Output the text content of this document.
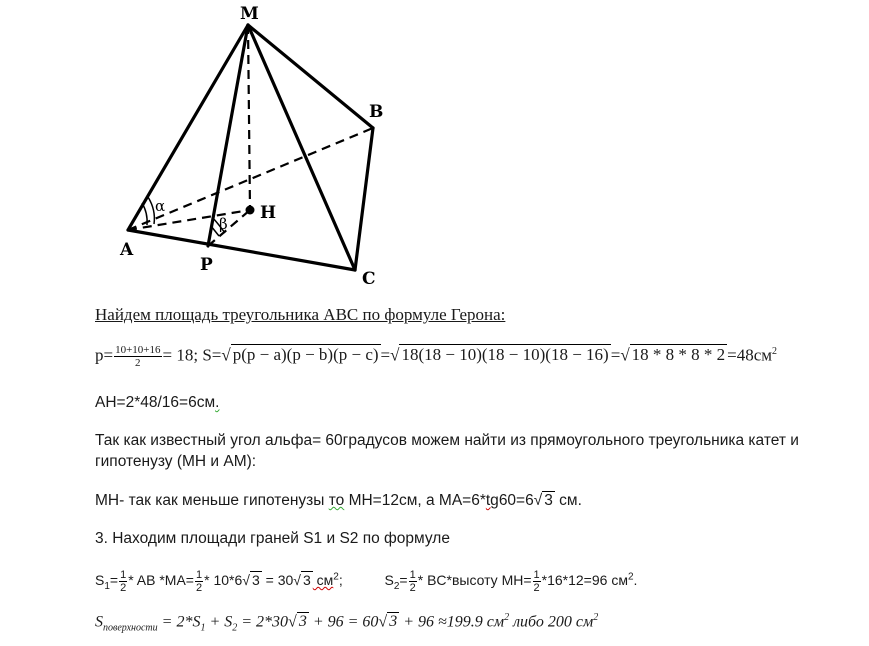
M
B
H
A
P
C
α
β
Найдем площадь треугольника ABC по формуле Герона:
$p= \frac{10+10+16}{2} = 18$; S=√ p(p − a)(p − b)(p − c) =√ 18(18 − 10)(18 − 10)(18 − 16) =√ $18 * 8 * 8 * 2 =48см^2$
AH=2*48/16=6см.
Так как известный угол альфа= 60градусов можем найти из прямоугольного треугольника катет и
гипотенузу (MH и AM):
MH- так как меньше гипотенузы то MH=12см, а MA=6*tg60=6√ 3 см.
3. Находим площади граней S1 и S2 по формуле
$S_1= \frac{1}{2}$ * AB $*MA= \frac{1}{2} * 10*6√$ 3 = 30√ 3 $см^2$;	$S_2= \frac{1}{2}$ * BC*высоту $MH= \frac{1}{2} *16*12=96$ $см^2$.
$S_{поверхности} = 2*S_1 + S_2 = 2*30√$ 3 + 96 = 60√ 3 + 96 ≈199.9 $см^2$ либо 200 $см^2$
